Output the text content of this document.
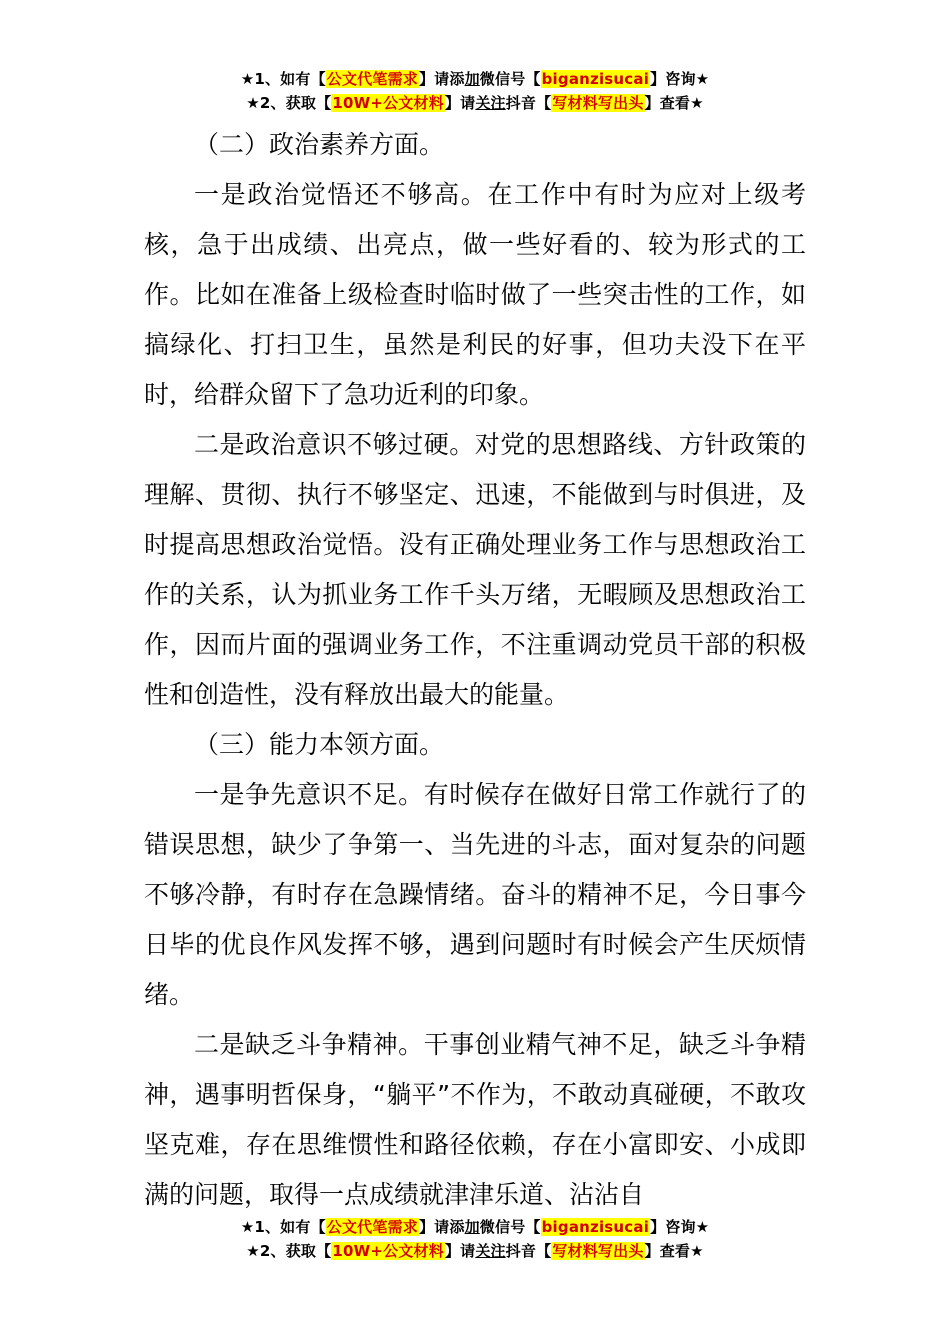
★1、如有【公文代笔需求】请添加微信号【biganzisucai】咨询★
★2、获取【10W+公文材料】请关注抖音【写材料写出头】查看★

（二）政治素养方面。

一是政治觉悟还不够高。在工作中有时为应对上级考核，急于出成绩、出亮点，做一些好看的、较为形式的工作。比如在准备上级检查时临时做了一些突击性的工作，如搞绿化、打扫卫生，虽然是利民的好事，但功夫没下在平时，给群众留下了急功近利的印象。

二是政治意识不够过硬。对党的思想路线、方针政策的理解、贯彻、执行不够坚定、迅速，不能做到与时俱进，及时提高思想政治觉悟。没有正确处理业务工作与思想政治工作的关系，认为抓业务工作千头万绪，无暇顾及思想政治工作，因而片面的强调业务工作，不注重调动党员干部的积极性和创造性，没有释放出最大的能量。

（三）能力本领方面。

一是争先意识不足。有时候存在做好日常工作就行了的错误思想，缺少了争第一、当先进的斗志，面对复杂的问题不够冷静，有时存在急躁情绪。奋斗的精神不足，今日事今日毕的优良作风发挥不够，遇到问题时有时候会产生厌烦情绪。

二是缺乏斗争精神。干事创业精气神不足，缺乏斗争精神，遇事明哲保身，“躺平”不作为，不敢动真碰硬，不敢攻坚克难，存在思维惯性和路径依赖，存在小富即安、小成即满的问题，取得一点成绩就津津乐道、沾沾自

★1、如有【公文代笔需求】请添加微信号【biganzisucai】咨询★
★2、获取【10W+公文材料】请关注抖音【写材料写出头】查看★
